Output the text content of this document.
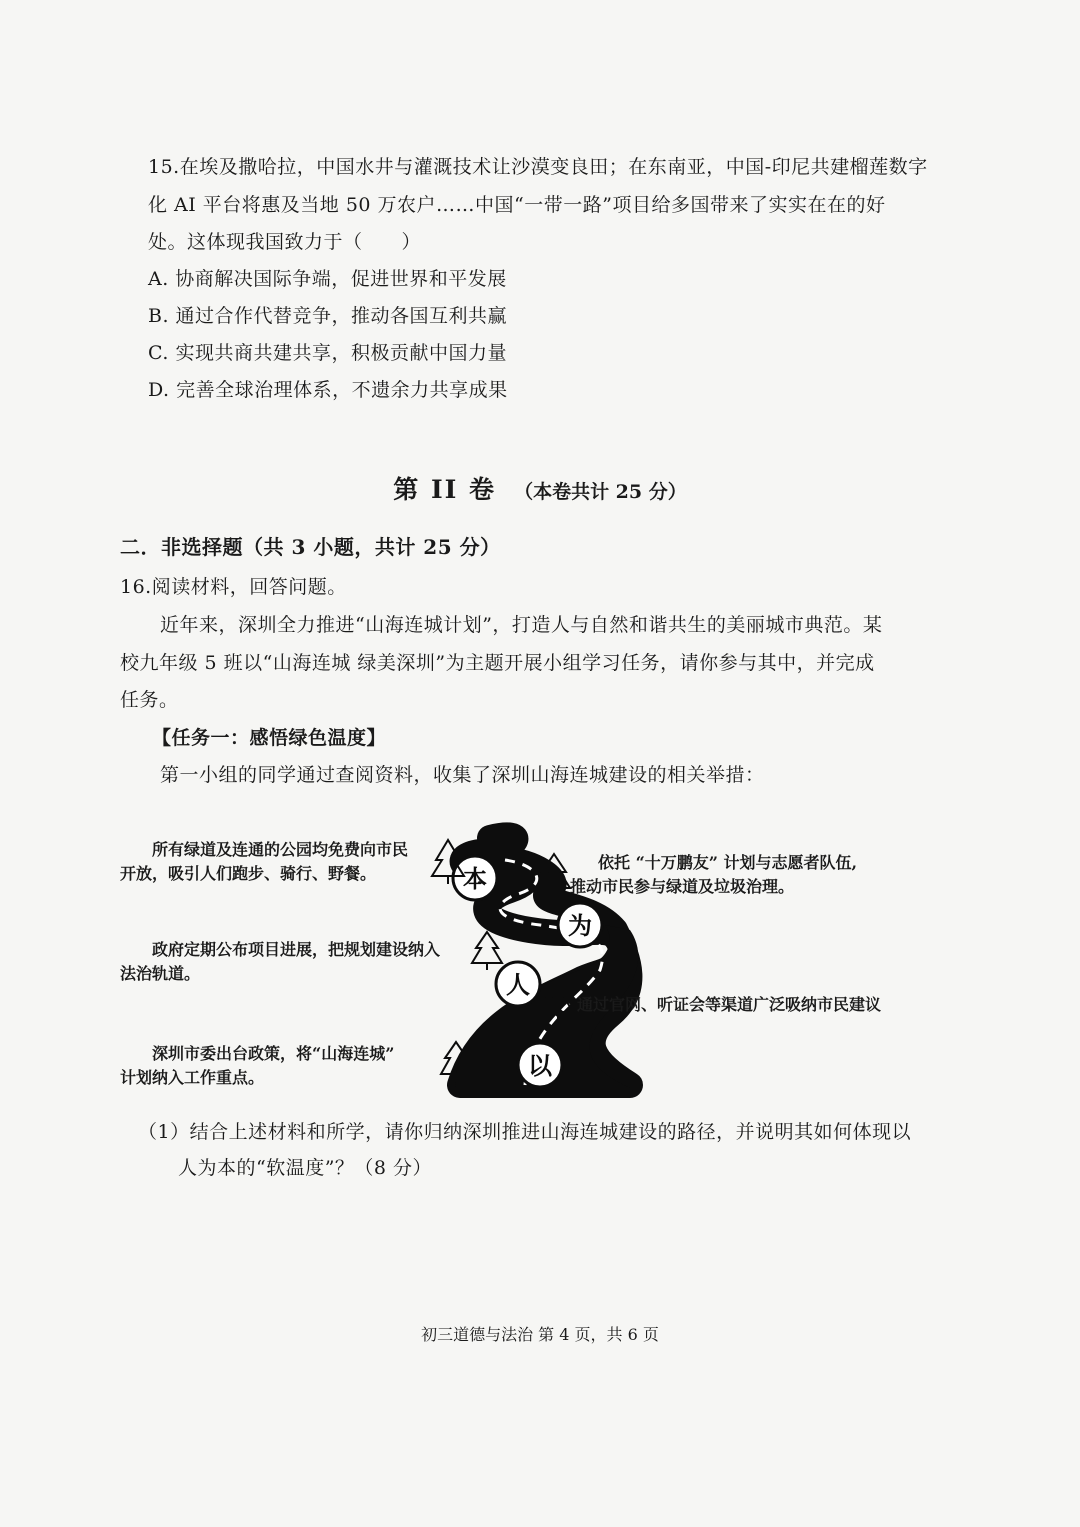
15.在埃及撒哈拉，中国水井与灌溉技术让沙漠变良田；在东南亚，中国-印尼共建榴莲数字
化 AI 平台将惠及当地 50 万农户……中国“一带一路”项目给多国带来了实实在在的好
处。这体现我国致力于（　　）
A. 协商解决国际争端，促进世界和平发展
B. 通过合作代替竞争，推动各国互利共赢
C. 实现共商共建共享，积极贡献中国力量
D. 完善全球治理体系，不遗余力共享成果
第 II 卷 （本卷共计 25 分）
二．非选择题（共 3 小题，共计 25 分）
16.阅读材料，回答问题。
近年来，深圳全力推进“山海连城计划”，打造人与自然和谐共生的美丽城市典范。某
校九年级 5 班以“山海连城 绿美深圳”为主题开展小组学习任务，请你参与其中，并完成
任务。
【任务一：感悟绿色温度】
第一小组的同学通过查阅资料，收集了深圳山海连城建设的相关举措：
本
为
人
以
所有绿道及连通的公园均免费向市民
开放，吸引人们跑步、骑行、野餐。
依托 “十万鹏友” 计划与志愿者队伍,
推动市民参与绿道及垃圾治理。
政府定期公布项目进展，把规划建设纳入
法治轨道。
通过官网、听证会等渠道广泛吸纳市民建议
深圳市委出台政策，将“山海连城”
计划纳入工作重点。
（1）结合上述材料和所学，请你归纳深圳推进山海连城建设的路径，并说明其如何体现以
人为本的“软温度”？（8 分）
初三道德与法治 第 4 页，共 6 页
